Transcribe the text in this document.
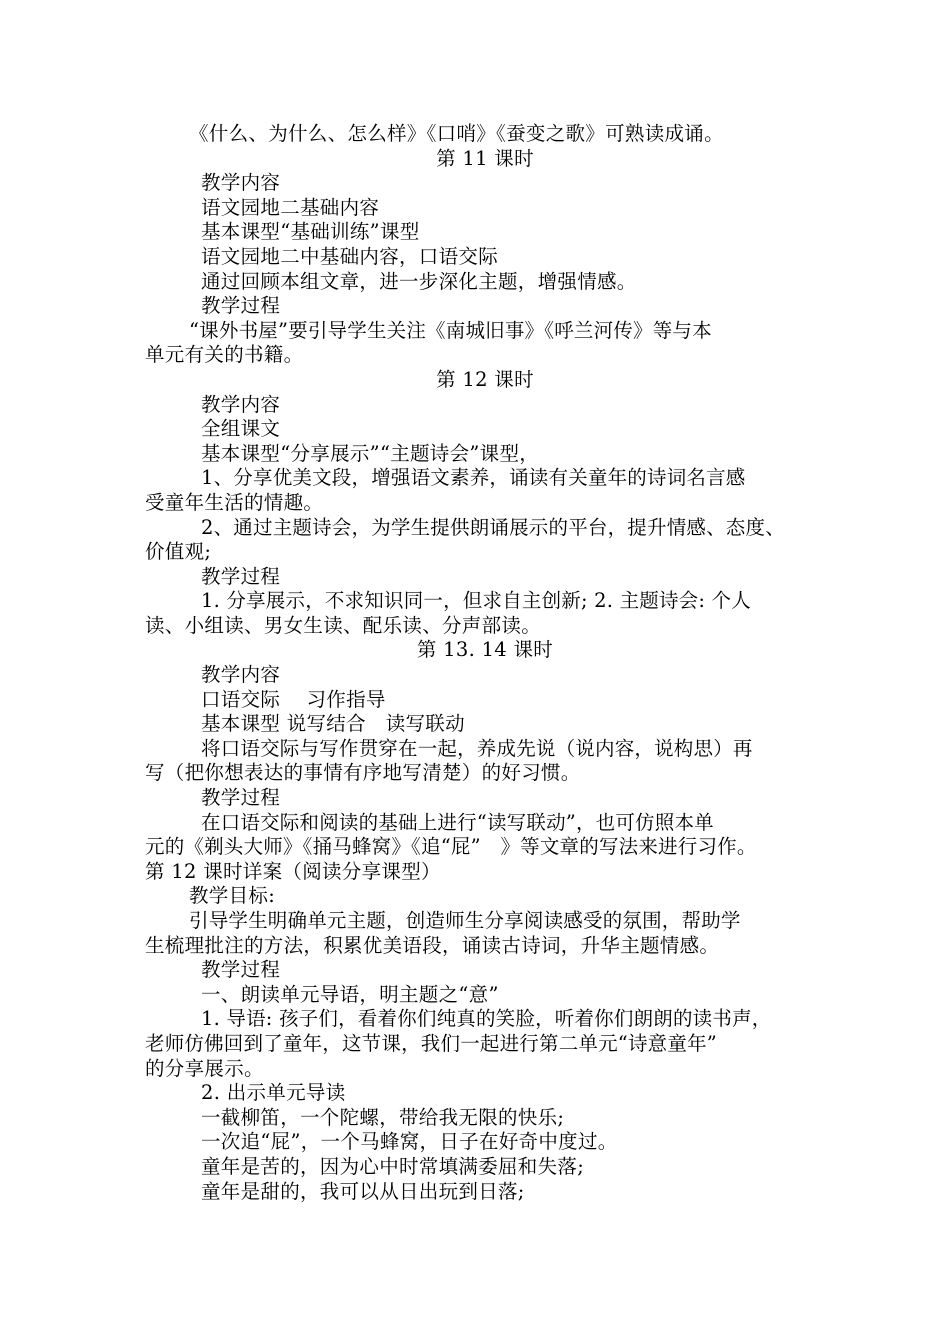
《什么、为什么、怎么样》《口哨》《蚕变之歌》可熟读成诵。
第 11 课时
教学内容
语文园地二基础内容
基本课型“基础训练”课型
语文园地二中基础内容，口语交际
通过回顾本组文章，进一步深化主题，增强情感。
教学过程
“课外书屋”要引导学生关注《南城旧事》《呼兰河传》等与本
单元有关的书籍。
第 12 课时
教学内容
全组课文
基本课型“分享展示”“主题诗会”课型，
1、分享优美文段，增强语文素养，诵读有关童年的诗词名言感
受童年生活的情趣。
2、通过主题诗会，为学生提供朗诵展示的平台，提升情感、态度、
价值观;
教学过程
1. 分享展示，不求知识同一，但求自主创新; 2. 主题诗会: 个人
读、小组读、男女生读、配乐读、分声部读。
第 13. 14 课时
教学内容
口语交际　 习作指导
基本课型 说写结合　读写联动
将口语交际与写作贯穿在一起，养成先说（说内容，说构思）再
写（把你想表达的事情有序地写清楚）的好习惯。
教学过程
在口语交际和阅读的基础上进行“读写联动”，也可仿照本单
元的《剃头大师》《捅马蜂窝》《追“屁”　》等文章的写法来进行习作。
第 12 课时详案（阅读分享课型）
教学目标:
引导学生明确单元主题，创造师生分享阅读感受的氛围，帮助学
生梳理批注的方法，积累优美语段，诵读古诗词，升华主题情感。
教学过程
一、朗读单元导语，明主题之“意”
1. 导语: 孩子们，看着你们纯真的笑脸，听着你们朗朗的读书声，
老师仿佛回到了童年，这节课，我们一起进行第二单元“诗意童年”
的分享展示。
2. 出示单元导读
一截柳笛，一个陀螺，带给我无限的快乐;
一次追“屁”，一个马蜂窝，日子在好奇中度过。
童年是苦的，因为心中时常填满委屈和失落;
童年是甜的，我可以从日出玩到日落;
